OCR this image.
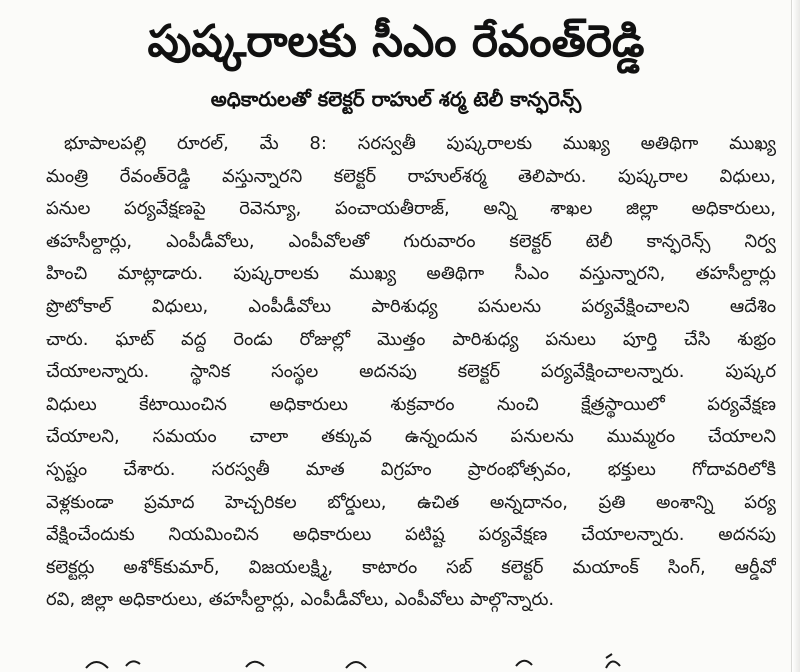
పుష్కరాలకు సీఎం రేవంత్‌రెడ్డి
అధికారులతో కలెక్టర్ రాహుల్ శర్మ టెలీ కాన్ఫరెన్స్
భూపాలపల్లి రూరల్, మే 8: సరస్వతీ పుష్కరాలకు ముఖ్య అతిథిగా ముఖ్య
మంత్రి రేవంత్‌రెడ్డి వస్తున్నారని కలెక్టర్ రాహుల్‌శర్మ తెలిపారు. పుష్కరాల విధులు,
పనుల పర్యవేక్షణపై రెవెన్యూ, పంచాయతీరాజ్, అన్ని శాఖల జిల్లా అధికారులు,
తహసీల్దార్లు, ఎంపీడీవోలు, ఎంపీవోలతో గురువారం కలెక్టర్ టెలీ కాన్ఫరెన్స్ నిర్వ
హించి మాట్లాడారు. పుష్కరాలకు ముఖ్య అతిథిగా సీఎం వస్తున్నారని, తహసీల్దార్లు
ప్రొటోకాల్ విధులు, ఎంపీడీవోలు పారిశుధ్య పనులను పర్యవేక్షించాలని ఆదేశిం
చారు. ఘాట్ వద్ద రెండు రోజుల్లో మొత్తం పారిశుధ్య పనులు పూర్తి చేసి శుభ్రం
చేయాలన్నారు. స్థానిక సంస్థల అదనపు కలెక్టర్ పర్యవేక్షించాలన్నారు. పుష్కర
విధులు కేటాయించిన అధికారులు శుక్రవారం నుంచి క్షేత్రస్థాయిలో పర్యవేక్షణ
చేయాలని, సమయం చాలా తక్కువ ఉన్నందున పనులను ముమ్మరం చేయాలని
స్పష్టం చేశారు. సరస్వతీ మాత విగ్రహం ప్రారంభోత్సవం, భక్తులు గోదావరిలోకి
వెళ్లకుండా ప్రమాద హెచ్చరికల బోర్డులు, ఉచిత అన్నదానం, ప్రతి అంశాన్ని పర్య
వేక్షించేందుకు నియమించిన అధికారులు పటిష్ట పర్యవేక్షణ చేయాలన్నారు. అదనపు
కలెక్టర్లు అశోక్‌కుమార్, విజయలక్ష్మి, కాటారం సబ్ కలెక్టర్ మయాంక్ సింగ్, ఆర్డీవో
రవి, జిల్లా అధికారులు, తహసీల్దార్లు, ఎంపీడీవోలు, ఎంపీవోలు పాల్గొన్నారు.
